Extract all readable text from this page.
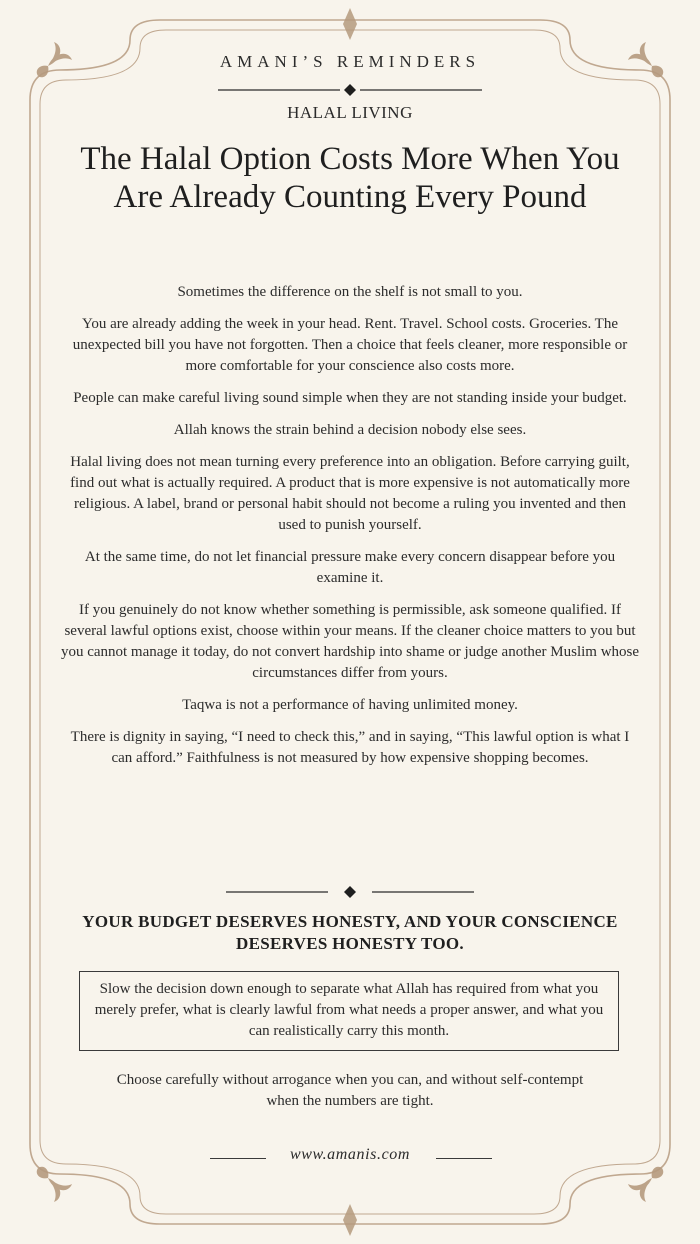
AMANI’S REMINDERS
HALAL LIVING
The Halal Option Costs More When You Are Already Counting Every Pound

Sometimes the difference on the shelf is not small to you.

You are already adding the week in your head. Rent. Travel. School costs. Groceries. The unexpected bill you have not forgotten. Then a choice that feels cleaner, more responsible or more comfortable for your conscience also costs more.

People can make careful living sound simple when they are not standing inside your budget.

Allah knows the strain behind a decision nobody else sees.

Halal living does not mean turning every preference into an obligation. Before carrying guilt, find out what is actually required. A product that is more expensive is not automatically more religious. A label, brand or personal habit should not become a ruling you invented and then used to punish yourself.

At the same time, do not let financial pressure make every concern disappear before you examine it.

If you genuinely do not know whether something is permissible, ask someone qualified. If several lawful options exist, choose within your means. If the cleaner choice matters to you but you cannot manage it today, do not convert hardship into shame or judge another Muslim whose circumstances differ from yours.

Taqwa is not a performance of having unlimited money.

There is dignity in saying, “I need to check this,” and in saying, “This lawful option is what I can afford.” Faithfulness is not measured by how expensive shopping becomes.

YOUR BUDGET DESERVES HONESTY, AND YOUR CONSCIENCE DESERVES HONESTY TOO.
Slow the decision down enough to separate what Allah has required from what you merely prefer, what is clearly lawful from what needs a proper answer, and what you can realistically carry this month.

Choose carefully without arrogance when you can, and without self-contempt when the numbers are tight.

www.amanis.com
